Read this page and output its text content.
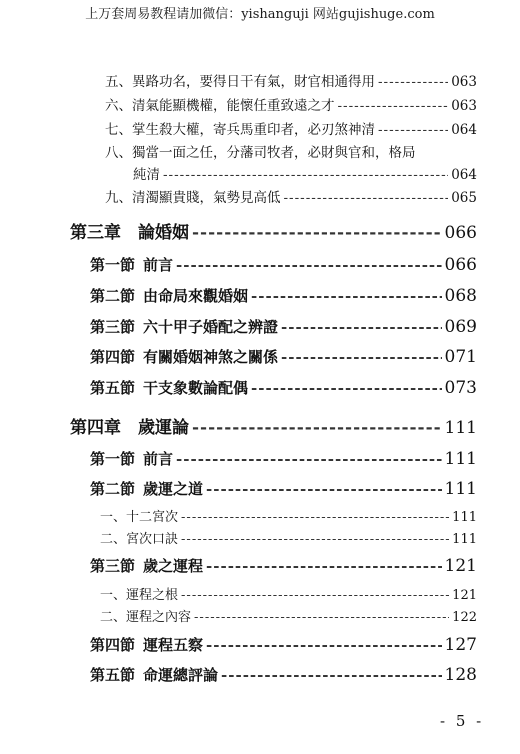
上万套周易教程请加微信：yishanguji 网站gujishuge.com
五、 異路功名，要得日干有氣，財官相通得用 -----	063
六、 清氣能顯機權，能懷任重致遠之才 -----	063
七、 掌生殺大權，寄兵馬重印者，必刃煞神清 -----	064
八、 獨當一面之任，分藩司牧者，必財與官和，格局
純清 -----	064
九、 清濁顯貴賤，氣勢見高低 -----	065
第三章　論婚姻 -----	066
第一節 前言 -----	066
第二節 由命局來觀婚姻 -----	068
第三節 六十甲子婚配之辨證 -----	069
第四節 有關婚姻神煞之關係 -----	071
第五節 干支象數論配偶 -----	073
第四章　歲運論 -----	111
第一節 前言 -----	111
第二節 歲運之道 -----	111
一、 十二宮次 -----	111
二、 宮次口訣 -----	111
第三節 歲之運程 -----	121
一、 運程之根 -----	121
二、 運程之內容 -----	122
第四節 運程五察 -----	127
第五節 命運總評論 -----	128
- 5 -
